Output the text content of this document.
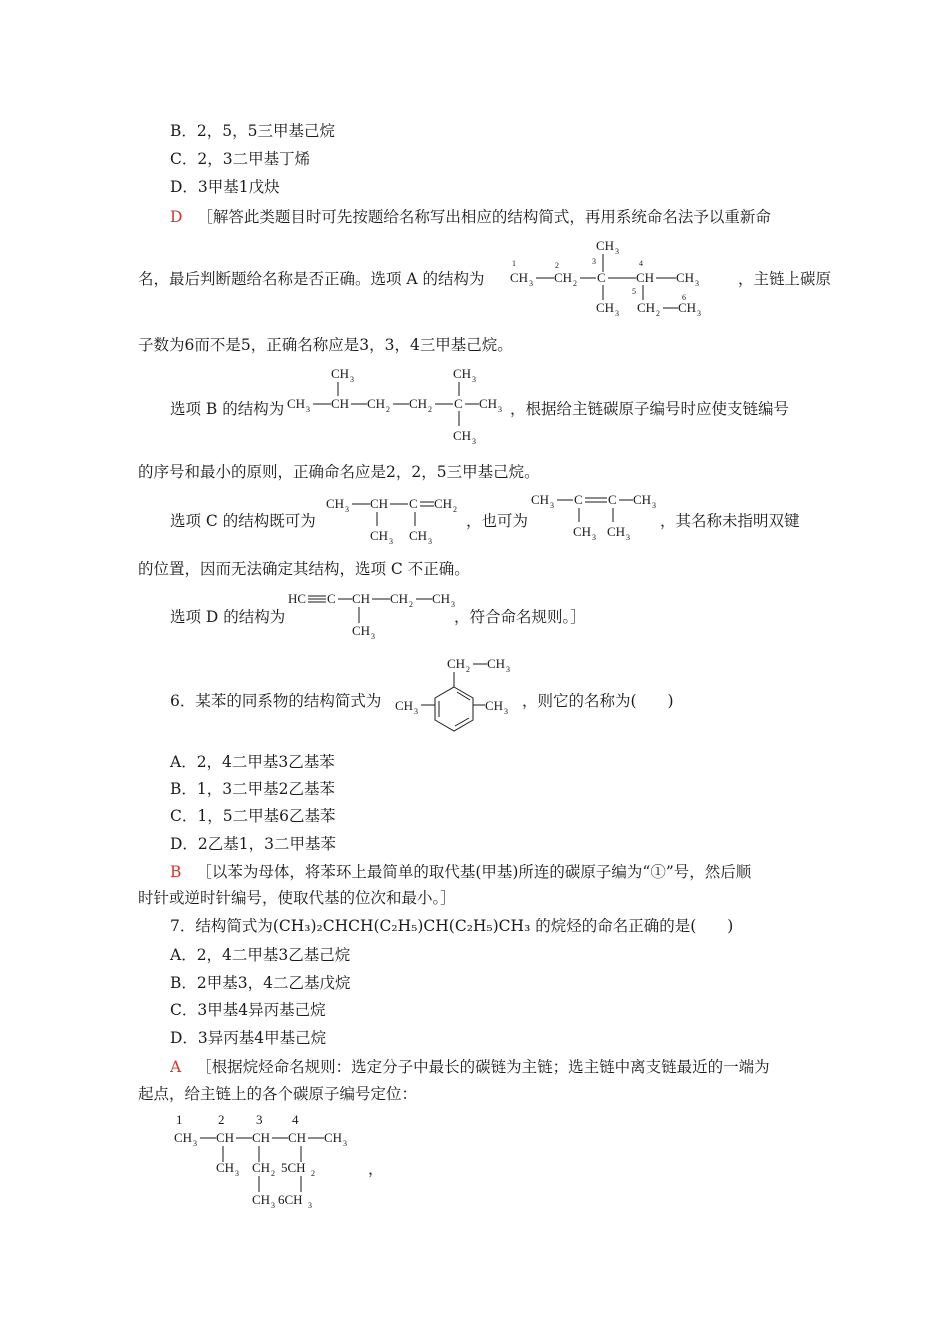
B．2，5，5三甲基己烷
C．2，3二甲基丁烯
D．3甲基1戊炔
D ［解答此类题目时可先按题给名称写出相应的结构简式，再用系统命名法予以重新命
名，最后判断题给名称是否正确。选项 A 的结构为	，主链上碳原
CH 3
1
CH 3
2
CH 2
3
C
4
CH CH 3
CH 3
5
CH 2
6
CH 3
子数为6而不是5，正确名称应是3，3，4三甲基己烷。
选项 B 的结构为
CH 3	CH 3
CH 3 CH CH 2 CH 2 C CH 3
CH 3
，根据给主链碳原子编号时应使支链编号
的序号和最小的原则，正确命名应是2，2，5三甲基己烷。
选项 C 的结构既可为
CH 3 CH C CH 2
CH 3 CH 3
，也可为
CH 3 C C CH 3
CH 3 CH 3
，其名称未指明双键
的位置，因而无法确定其结构，选项 C 不正确。
选项 D 的结构为
HC C CH CH 2 CH 3
CH 3
，符合命名规则。］
6．某苯的同系物的结构简式为
CH 2 CH 3
CH 3	CH 3
，则它的名称为(　　)
A．2，4二甲基3乙基苯
B．1，3二甲基2乙基苯
C．1，5二甲基6乙基苯
D．2乙基1，3二甲基苯
B ［以苯为母体，将苯环上最简单的取代基(甲基)所连的碳原子编为“①”号，然后顺
时针或逆时针编号，使取代基的位次和最小。］
7．结构简式为(CH₃)₂CHCH(C₂H₅)CH(C₂H₅)CH₃ 的烷烃的命名正确的是(　　)
A．2，4二甲基3乙基己烷
B．2甲基3，4二乙基戊烷
C．3甲基4异丙基己烷
D．3异丙基4甲基己烷
A ［根据烷烃命名规则：选定分子中最长的碳链为主链；选主链中离支链最近的一端为
起点，给主链上的各个碳原子编号定位：
1	2 3 4
CH 3 CH CH CH CH 3
CH 3 CH 2 5CH 2
CH 3 6CH 3
，
